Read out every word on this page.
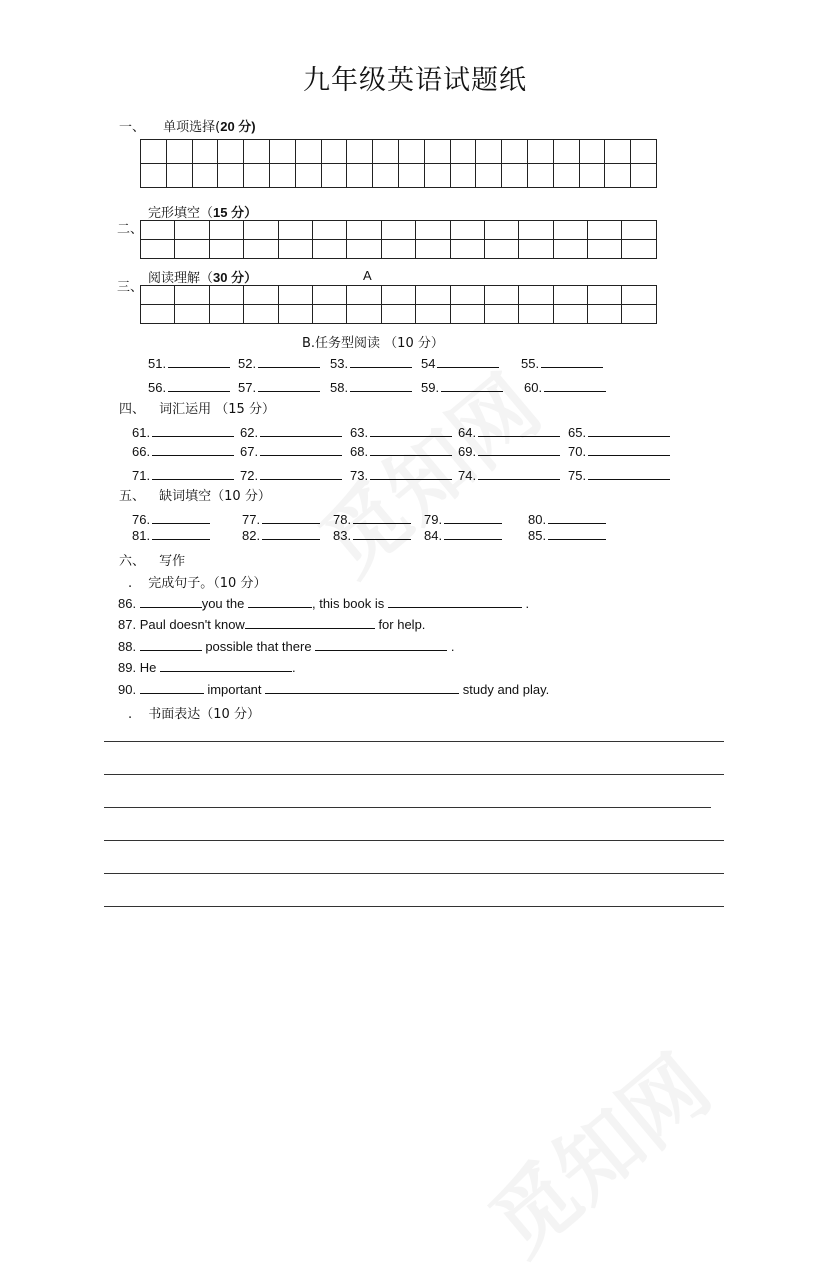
九年级英语试题纸
一、 单项选择(20 分)

完形填空（15 分）
二、

阅读理解（30 分）	A
三、

B.任务型阅读 （10 分）
51.	52.	53.	54	55.
56.	57.	58.	59.	60.
61.	62.	63.	64.	65.
66.	67.	68.	69.	70.
71.	72.	73.	74.	75.
76.	77.	78.	79.	80.
81.	82.	83.	84.	85.
四、 词汇运用 （15 分）
五、 缺词填空（10 分）
六、 写作
. 完成句子。（10 分）
86.	you the	, this book is	.
87. Paul doesn't know	for help.
88.	possible that there	.
89. He	.
90.	important	study and play.
. 书面表达（10 分）
